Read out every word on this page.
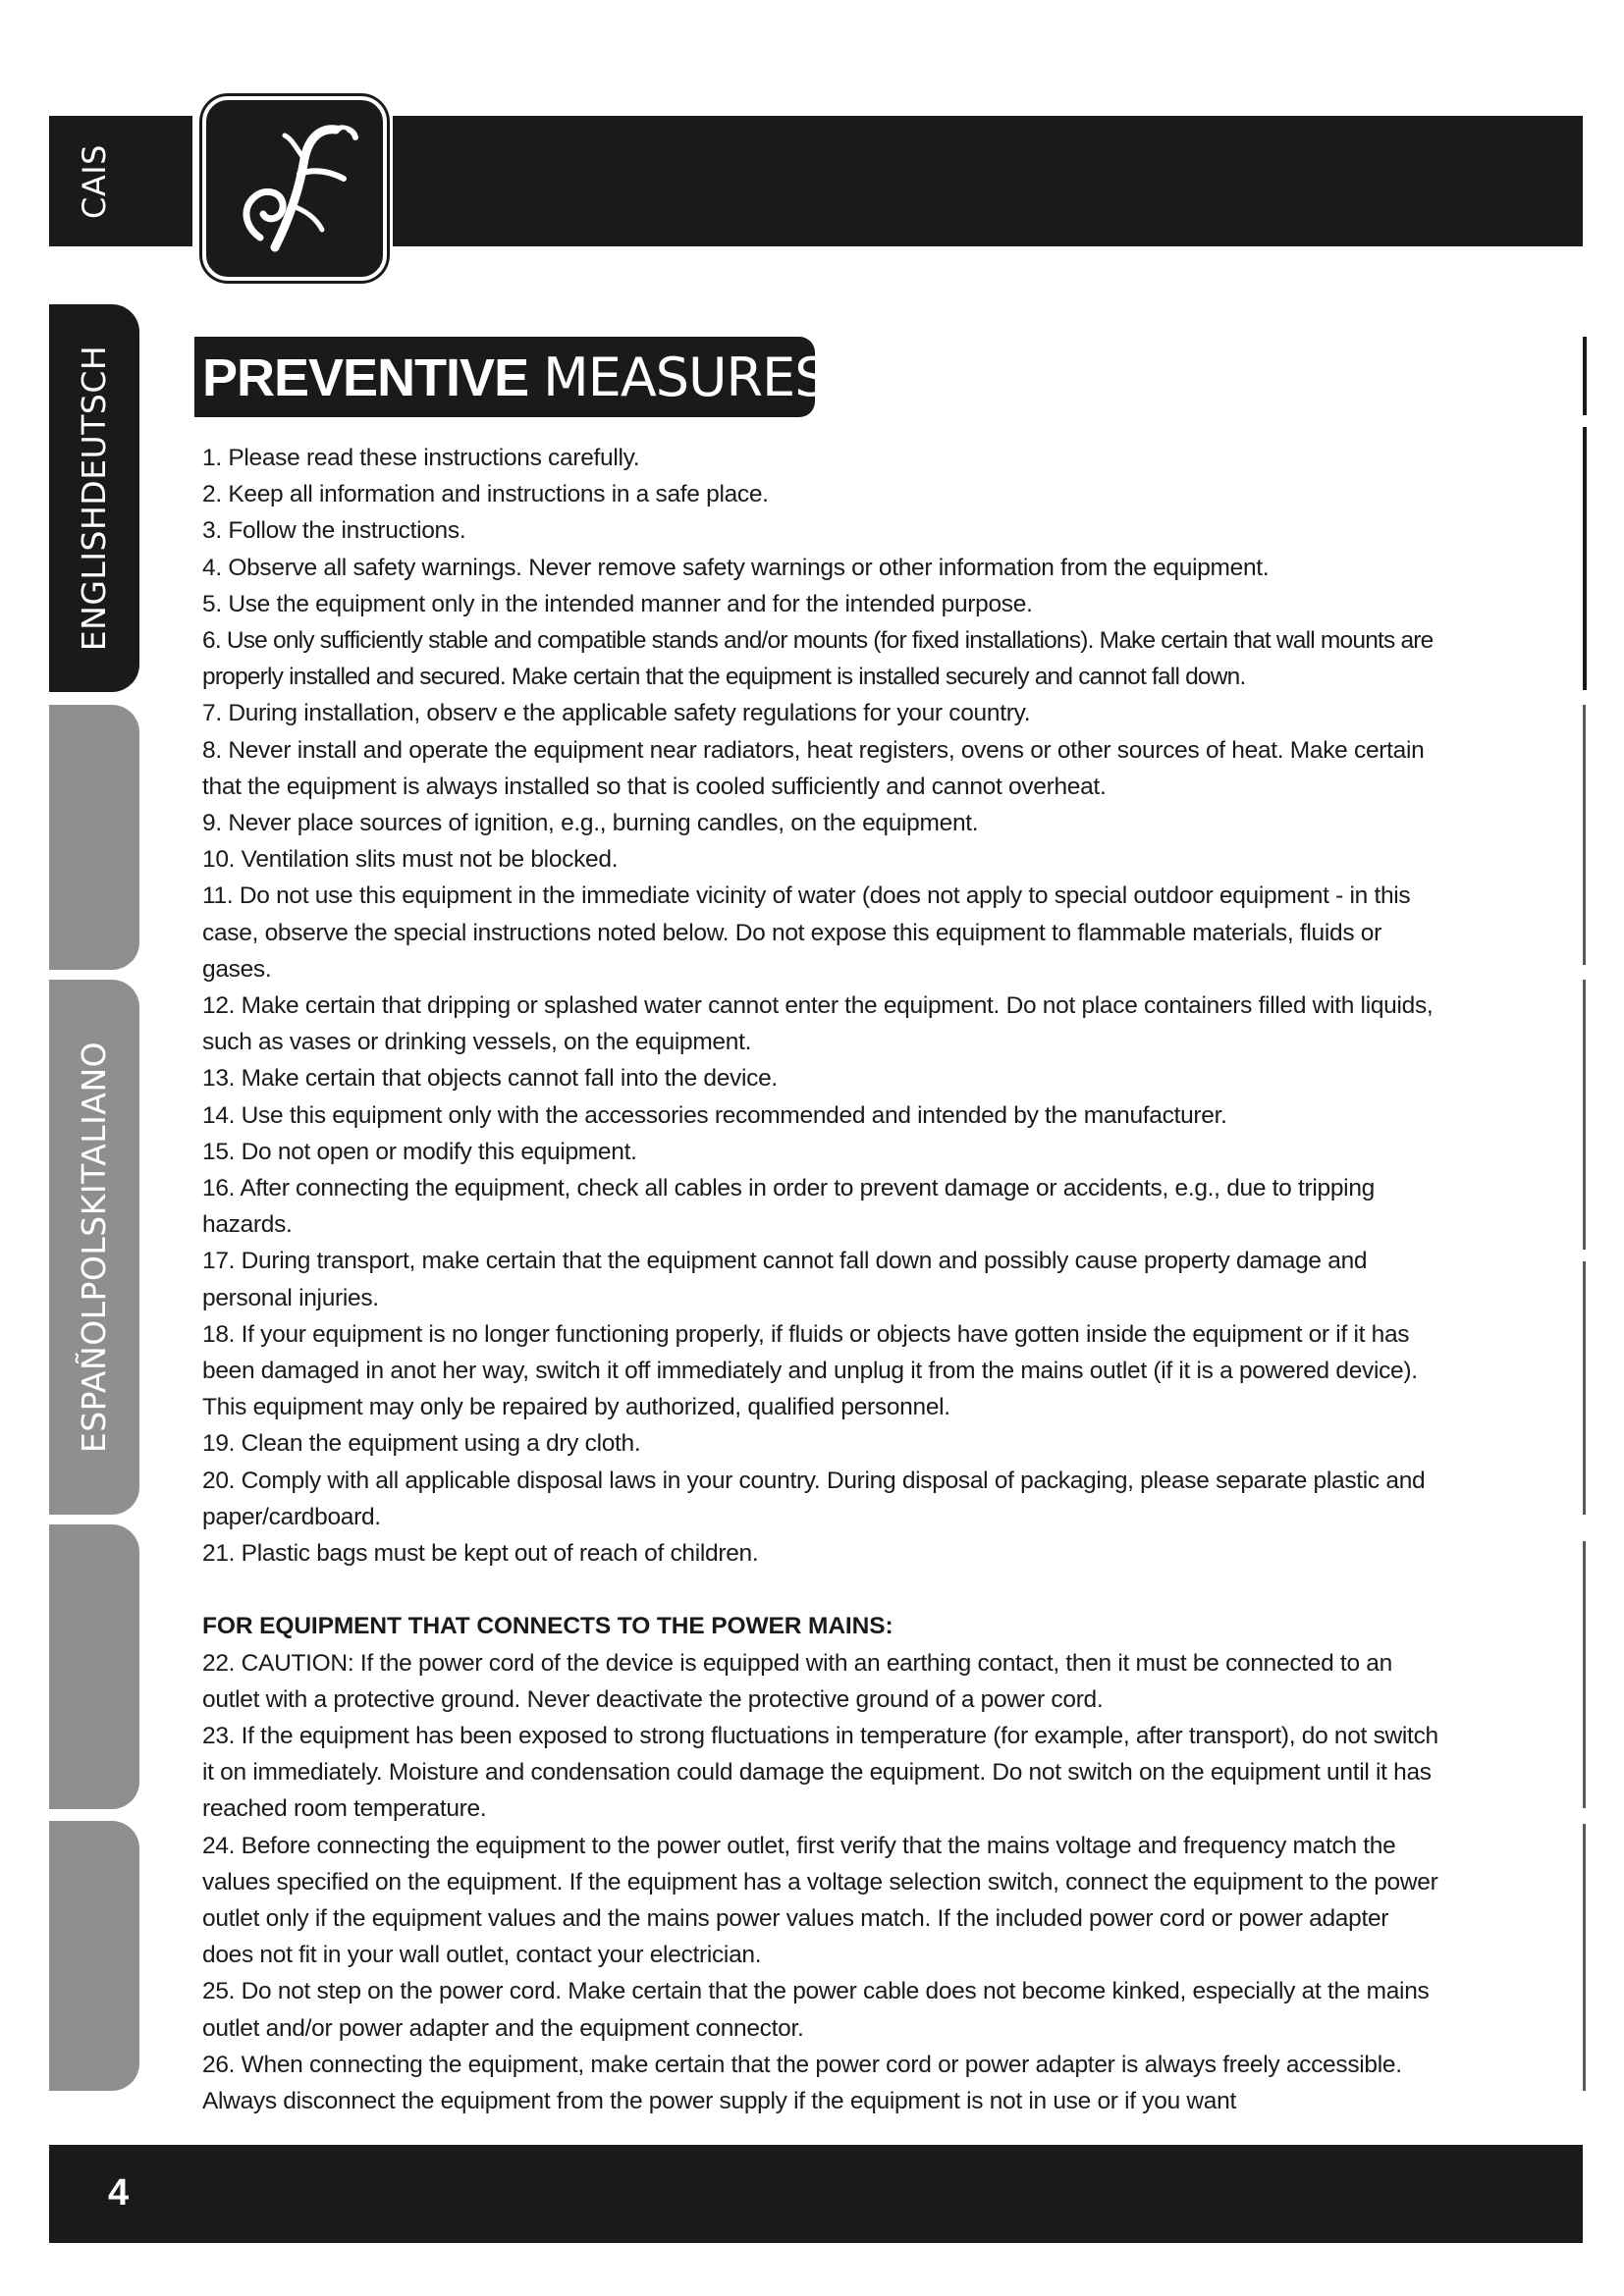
CAIS
ENGLISHDEUTSCH
ESPAÑOLPOLSKITALIANO
PREVENTIVE MEASURES:

1. Please read these instructions carefully.

2. Keep all information and instructions in a safe place.

3. Follow the instructions.

4. Observe all safety warnings. Never remove safety warnings or other information from the equipment.

5. Use the equipment only in the intended manner and for the intended purpose.

6. Use only sufficiently stable and compatible stands and/or mounts (for fixed installations). Make certain that wall mounts are properly installed and secured. Make certain that the equipment is installed securely and cannot fall down.

7. During installation, observ e the applicable safety regulations for your country.

8. Never install and operate the equipment near radiators, heat registers, ovens or other sources of heat. Make certain that the equipment is always installed so that is cooled sufficiently and cannot overheat.

9. Never place sources of ignition, e.g., burning candles, on the equipment.

10. Ventilation slits must not be blocked.

11. Do not use this equipment in the immediate vicinity of water (does not apply to special outdoor equipment - in this case, observe the special instructions noted below. Do not expose this equipment to flammable materials, fluids or gases.

12. Make certain that dripping or splashed water cannot enter the equipment. Do not place containers filled with liquids, such as vases or drinking vessels, on the equipment.

13. Make certain that objects cannot fall into the device.

14. Use this equipment only with the accessories recommended and intended by the manufacturer.

15. Do not open or modify this equipment.

16. After connecting the equipment, check all cables in order to prevent damage or accidents, e.g., due to tripping hazards.

17. During transport, make certain that the equipment cannot fall down and possibly cause property damage and personal injuries.

18. If your equipment is no longer functioning properly, if fluids or objects have gotten inside the equipment or if it has been damaged in anot her way, switch it off immediately and unplug it from the mains outlet (if it is a powered device). This equipment may only be repaired by authorized, qualified personnel.

19. Clean the equipment using a dry cloth.

20. Comply with all applicable disposal laws in your country. During disposal of packaging, please separate plastic and paper/cardboard.

21. Plastic bags must be kept out of reach of children.

FOR EQUIPMENT THAT CONNECTS TO THE POWER MAINS:

22. CAUTION: If the power cord of the device is equipped with an earthing contact, then it must be connected to an outlet with a protective ground. Never deactivate the protective ground of a power cord.

23. If the equipment has been exposed to strong fluctuations in temperature (for example, after transport), do not switch it on immediately. Moisture and condensation could damage the equipment. Do not switch on the equipment until it has reached room temperature.

24. Before connecting the equipment to the power outlet, first verify that the mains voltage and frequency match the values specified on the equipment. If the equipment has a voltage selection switch, connect the equipment to the power outlet only if the equipment values and the mains power values match. If the included power cord or power adapter does not fit in your wall outlet, contact your electrician.

25. Do not step on the power cord. Make certain that the power cable does not become kinked, especially at the mains outlet and/or power adapter and the equipment connector.

26. When connecting the equipment, make certain that the power cord or power adapter is always freely accessible. Always disconnect the equipment from the power supply if the equipment is not in use or if you want

4
